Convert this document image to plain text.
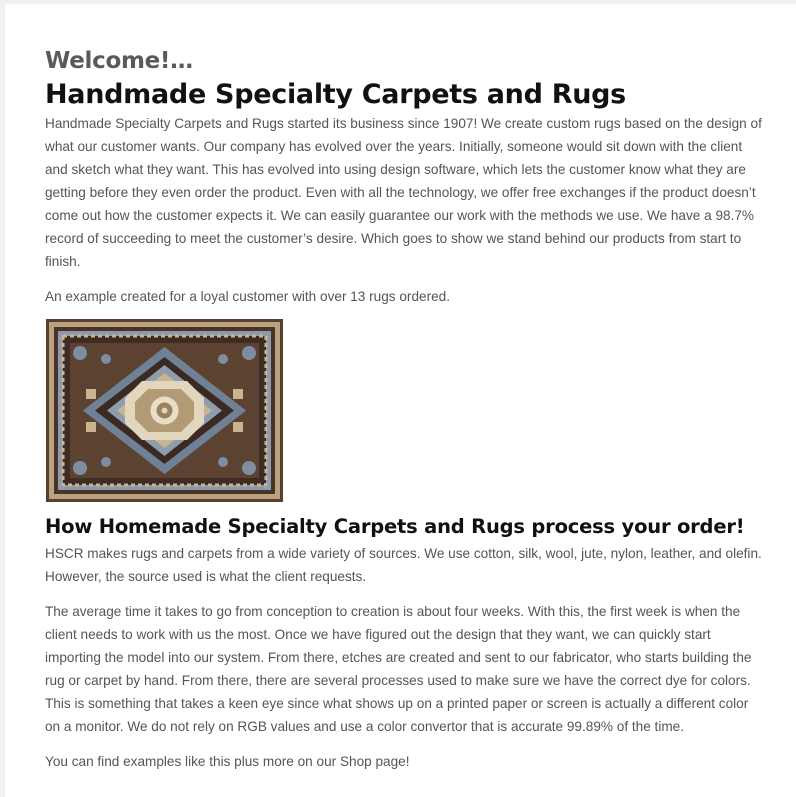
Welcome!…
Handmade Specialty Carpets and Rugs

Handmade Specialty Carpets and Rugs started its business since 1907! We create custom rugs based on the design of what our customer wants. Our company has evolved over the years. Initially, someone would sit down with the client and sketch what they want. This has evolved into using design software, which lets the customer know what they are getting before they even order the product. Even with all the technology, we offer free exchanges if the product doesn’t come out how the customer expects it. We can easily guarantee our work with the methods we use. We have a 98.7% record of succeeding to meet the customer’s desire. Which goes to show we stand behind our products from start to finish.

An example created for a loyal customer with over 13 rugs ordered.

How Homemade Specialty Carpets and Rugs process your order!

HSCR makes rugs and carpets from a wide variety of sources. We use cotton, silk, wool, jute, nylon, leather, and olefin. However, the source used is what the client requests.

The average time it takes to go from conception to creation is about four weeks. With this, the first week is when the client needs to work with us the most. Once we have figured out the design that they want, we can quickly start importing the model into our system. From there, etches are created and sent to our fabricator, who starts building the rug or carpet by hand. From there, there are several processes used to make sure we have the correct dye for colors. This is something that takes a keen eye since what shows up on a printed paper or screen is actually a different color on a monitor. We do not rely on RGB values and use a color convertor that is accurate 99.89% of the time.

You can find examples like this plus more on our Shop page!
